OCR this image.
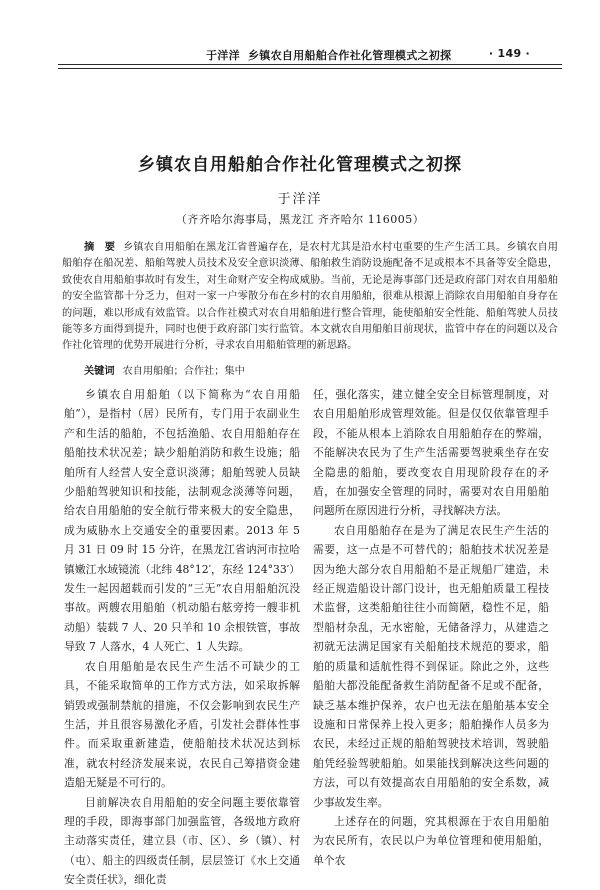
于洋洋 乡镇农自用船舶合作社化管理模式之初探	· 149 ·
乡镇农自用船舶合作社化管理模式之初探
于洋洋
（齐齐哈尔海事局，黑龙江 齐齐哈尔 116005）
摘　要 乡镇农自用船舶在黑龙江省普遍存在，是农村尤其是沿水村屯重要的生产生活工具。乡镇农自用船舶存在船况差、船舶驾驶人员技术及安全意识淡薄、船舶救生消防设施配备不足或根本不具备等安全隐患，致使农自用船舶事故时有发生，对生命财产安全构成威胁。当前，无论是海事部门还是政府部门对农自用船舶的安全监管都十分乏力，但对一家一户零散分布在乡村的农自用船舶，很难从根源上消除农自用船舶自身存在的问题，难以形成有效监管。以合作社模式对农自用船舶进行整合管理，能使船舶安全性能、船舶驾驶人员技能等多方面得到提升，同时也便于政府部门实行监管。本文就农自用船舶目前现状，监管中存在的问题以及合作社化管理的优势开展进行分析，寻求农自用船舶管理的新思路。
关键词 农自用船舶；合作社；集中

乡镇农自用船舶（以下简称为“农自用船舶”），是指村（居）民所有，专门用于农副业生产和生活的船舶，不包括渔船、农自用船舶存在船舶技术状况差；缺少船舶消防和救生设施；船舶所有人经营人安全意识淡薄；船舶驾驶人员缺少船舶驾驶知识和技能，法制观念淡薄等问题，给农自用船舶的安全航行带来极大的安全隐患，成为威胁水上交通安全的重要因素。2013 年 5 月 31 日 09 时 15 分许，在黑龙江省讷河市拉哈镇嫩江水域镜流（北纬 48°12′，东经 124°33′）发生一起因超载而引发的“三无”农自用船舶沉没事故。两艘农用船舶（机动船右舷旁挎一艘非机动船）装载 7 人、20 只羊和 10 余根铁管，事故导致 7 人落水，4 人死亡、1 人失踪。

农自用船舶是农民生产生活不可缺少的工具，不能采取简单的工作方式方法，如采取拆解销毁或强制禁航的措施，不仅会影响到农民生产生活，并且很容易激化矛盾，引发社会群体性事件。而采取重新建造，使船舶技术状况达到标准，就农村经济发展来说，农民自己筹措资金建造船无疑是不可行的。

目前解决农自用船舶的安全问题主要依靠管理的手段，即海事部门加强监管，各级地方政府主动落实责任，建立县（市、区）、乡（镇）、村（屯）、船主的四级责任制，层层签订《水上交通安全责任状》，细化责

任，强化落实，建立健全安全目标管理制度，对农自用船舶形成管理效能。但是仅仅依靠管理手段，不能从根本上消除农自用船舶存在的弊端，不能解决农民为了生产生活需要驾驶乘坐存在安全隐患的船舶，要改变农自用现阶段存在的矛盾，在加强安全管理的同时，需要对农自用船舶问题所在原因进行分析，寻找解决方法。

农自用船舶存在是为了满足农民生产生活的需要，这一点是不可替代的；船舶技术状况差是因为绝大部分农自用船舶不是正规船厂建造，未经正规造船设计部门设计，也无船舶质量工程技术监督，这类船舶往往小而简陋，稳性不足，船型船材杂乱，无水密舱，无储备浮力，从建造之初就无法满足国家有关船舶技术规范的要求，船舶的质量和适航性得不到保证。除此之外，这些船舶大都没能配备救生消防配备不足或不配备，缺乏基本维护保养，农户也无法在船舶基本安全设施和日常保养上投入更多；船舶操作人员多为农民，未经过正规的船舶驾驶技术培训，驾驶船舶凭经验驾驶船舶。如果能找到解决这些问题的方法，可以有效提高农自用船舶的安全系数，减少事故发生率。

上述存在的问题，究其根源在于农自用船舶为农民所有，农民以户为单位管理和使用船舶，单个农
